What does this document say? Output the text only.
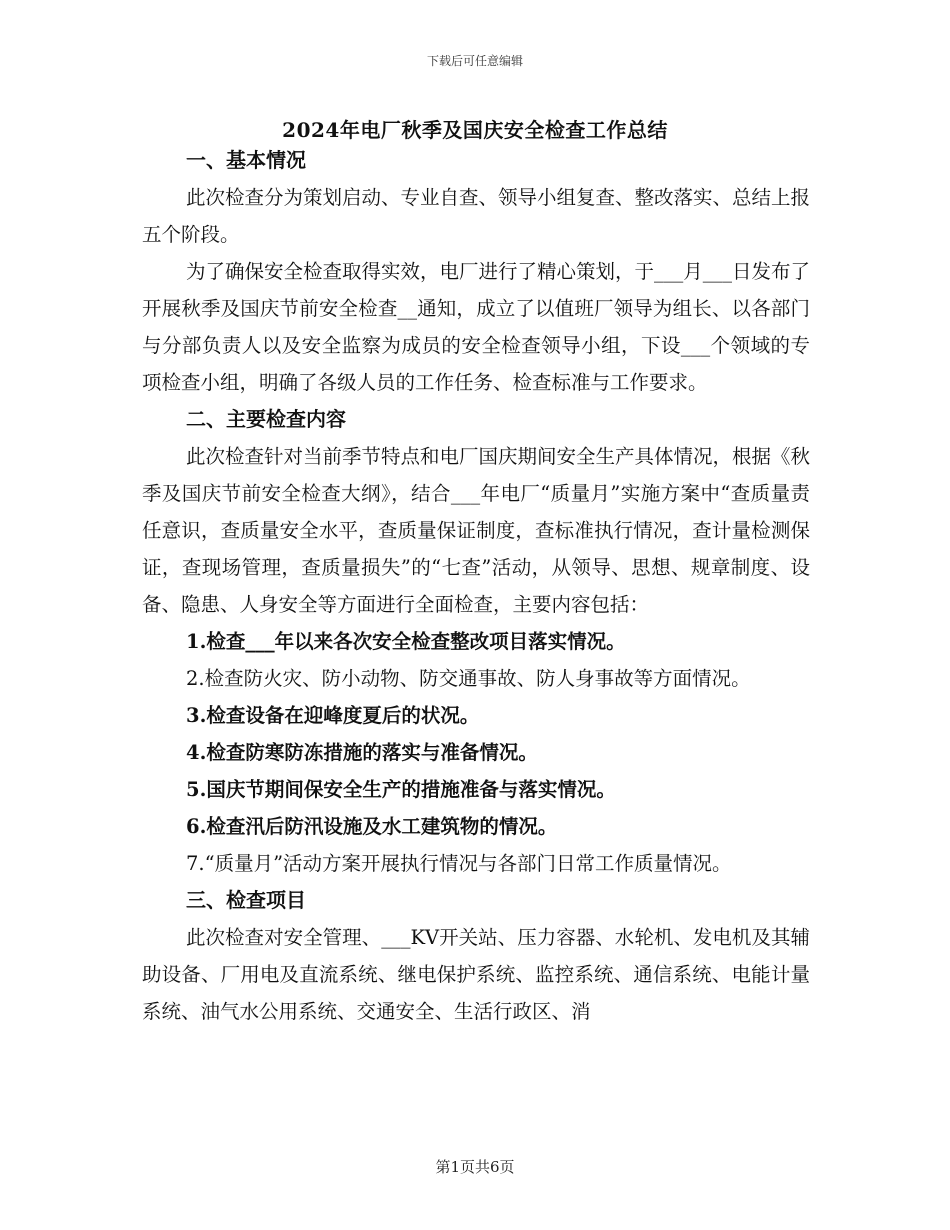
下载后可任意编辑
2024年电厂秋季及国庆安全检查工作总结

一、基本情况

此次检查分为策划启动、专业自查、领导小组复查、整改落实、总结上报五个阶段。

为了确保安全检查取得实效，电厂进行了精心策划，于___月___日发布了开展秋季及国庆节前安全检查__通知，成立了以值班厂领导为组长、以各部门与分部负责人以及安全监察为成员的安全检查领导小组，下设___个领域的专项检查小组，明确了各级人员的工作任务、检查标准与工作要求。

二、主要检查内容

此次检查针对当前季节特点和电厂国庆期间安全生产具体情况，根据《秋季及国庆节前安全检查大纲》，结合___年电厂“质量月”实施方案中“查质量责任意识，查质量安全水平，查质量保证制度，查标准执行情况，查计量检测保证，查现场管理，查质量损失”的“七查”活动，从领导、思想、规章制度、设备、隐患、人身安全等方面进行全面检查，主要内容包括：

1.检查___年以来各次安全检查整改项目落实情况。

2.检查防火灾、防小动物、防交通事故、防人身事故等方面情况。

3.检查设备在迎峰度夏后的状况。

4.检查防寒防冻措施的落实与准备情况。

5.国庆节期间保安全生产的措施准备与落实情况。

6.检查汛后防汛设施及水工建筑物的情况。

7.“质量月”活动方案开展执行情况与各部门日常工作质量情况。

三、检查项目

此次检查对安全管理、___KV开关站、压力容器、水轮机、发电机及其辅助设备、厂用电及直流系统、继电保护系统、监控系统、通信系统、电能计量系统、油气水公用系统、交通安全、生活行政区、消

第1页共6页
